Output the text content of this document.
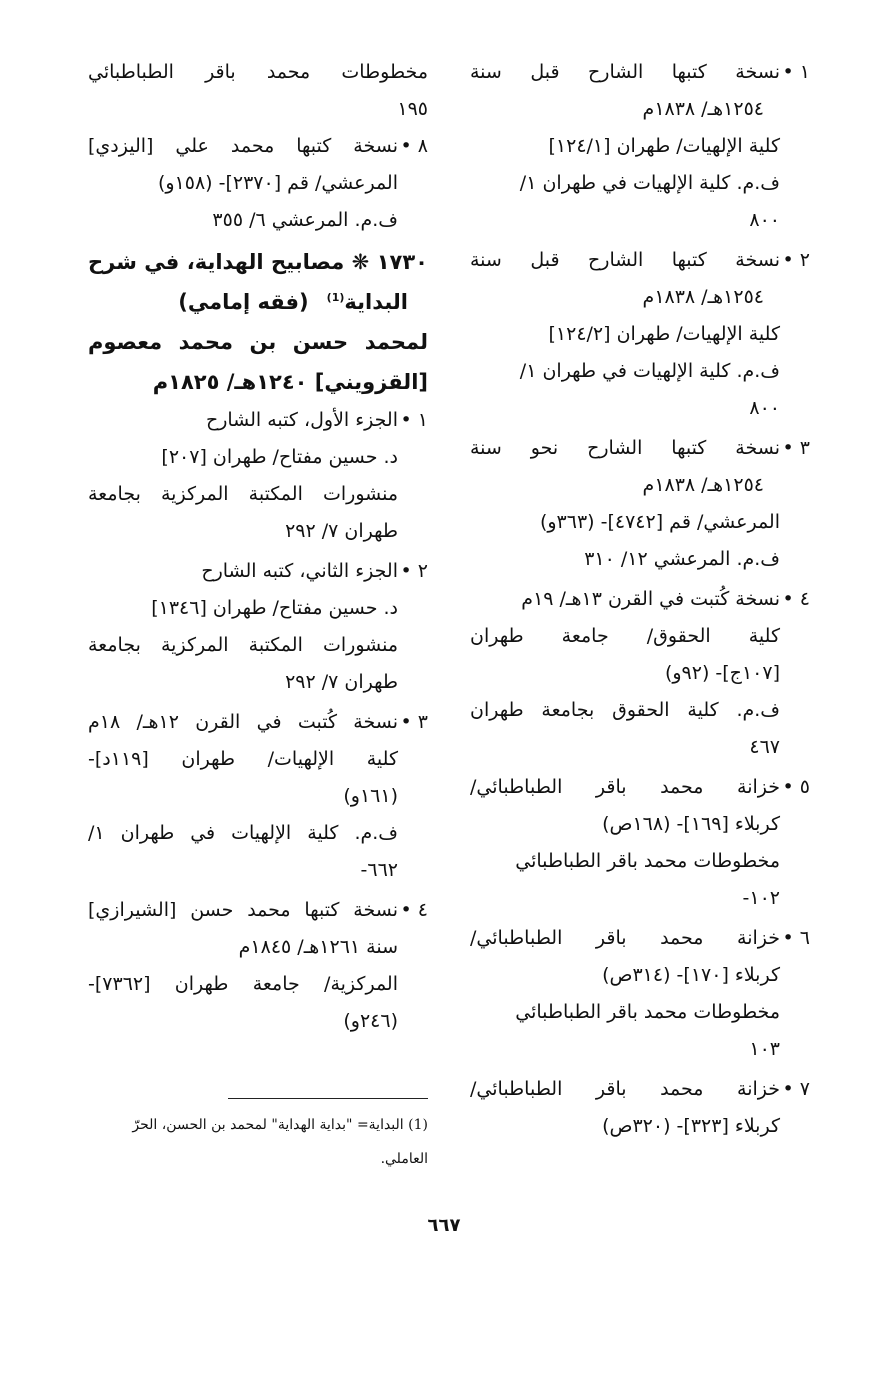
١ •
نسخة كتبها الشارح قبل سنة
١٢٥٤هـ/ ١٨٣٨م
كلية الإلهيات/ طهران [١٢٤/١]
ف.م. كلية الإلهيات في طهران ١/
٨٠٠
٢ •
نسخة كتبها الشارح قبل سنة
١٢٥٤هـ/ ١٨٣٨م
كلية الإلهيات/ طهران [١٢٤/٢]
ف.م. كلية الإلهيات في طهران ١/
٨٠٠
٣ •
نسخة كتبها الشارح نحو سنة
١٢٥٤هـ/ ١٨٣٨م
المرعشي/ قم [٤٧٤٢]- (٣٦٣و)
ف.م. المرعشي ١٢/ ٣١٠
٤ •
نسخة كُتبت في القرن ١٣هـ/ ١٩م
كلية الحقوق/ جامعة طهران
[١٠٧ج]- (٩٢و)
ف.م. كلية الحقوق بجامعة طهران
٤٦٧
٥ •
خزانة محمد باقر الطباطبائي/
كربلاء [١٦٩]- (١٦٨ص)
مخطوطات محمد باقر الطباطبائي
١٠٢-
٦ •
خزانة محمد باقر الطباطبائي/
كربلاء [١٧٠]- (٣١٤ص)
مخطوطات محمد باقر الطباطبائي
١٠٣
٧ •
خزانة محمد باقر الطباطبائي/
كربلاء [٣٢٣]- (٣٢٠ص)
مخطوطات محمد باقر الطباطبائي
١٩٥
٨ •
نسخة كتبها محمد علي [اليزدي]
المرعشي/ قم [٢٣٧٠]- (١٥٨و)
ف.م. المرعشي ٦/ ٣٥٥
١٧٣٠ ❋ مصابيح الهداية، في شرح
البداية$^{(1)}$(فقه إمامي)
لمحمد حسن بن محمد معصوم
[القزويني] ١٢٤٠هـ/ ١٨٢٥م
١ •
الجزء الأول، كتبه الشارح
د. حسين مفتاح/ طهران [٢٠٧]
منشورات المكتبة المركزية بجامعة
طهران ٧/ ٢٩٢
٢ •
الجزء الثاني، كتبه الشارح
د. حسين مفتاح/ طهران [١٣٤٦]
منشورات المكتبة المركزية بجامعة
طهران ٧/ ٢٩٢
٣ •
نسخة كُتبت في القرن ١٢هـ/ ١٨م
كلية الإلهيات/ طهران [١١٩د]-
(١٦١و)
ف.م. كلية الإلهيات في طهران ١/
٦٦٢-
٤ •
نسخة كتبها محمد حسن [الشيرازي]
سنة ١٢٦١هـ/ ١٨٤٥م
المركزية/ جامعة طهران [٧٣٦٢]-
(٢٤٦و)
(1) البداية= "بداية الهداية" لمحمد بن الحسن، الحرّ
العاملي.
٦٦٧
